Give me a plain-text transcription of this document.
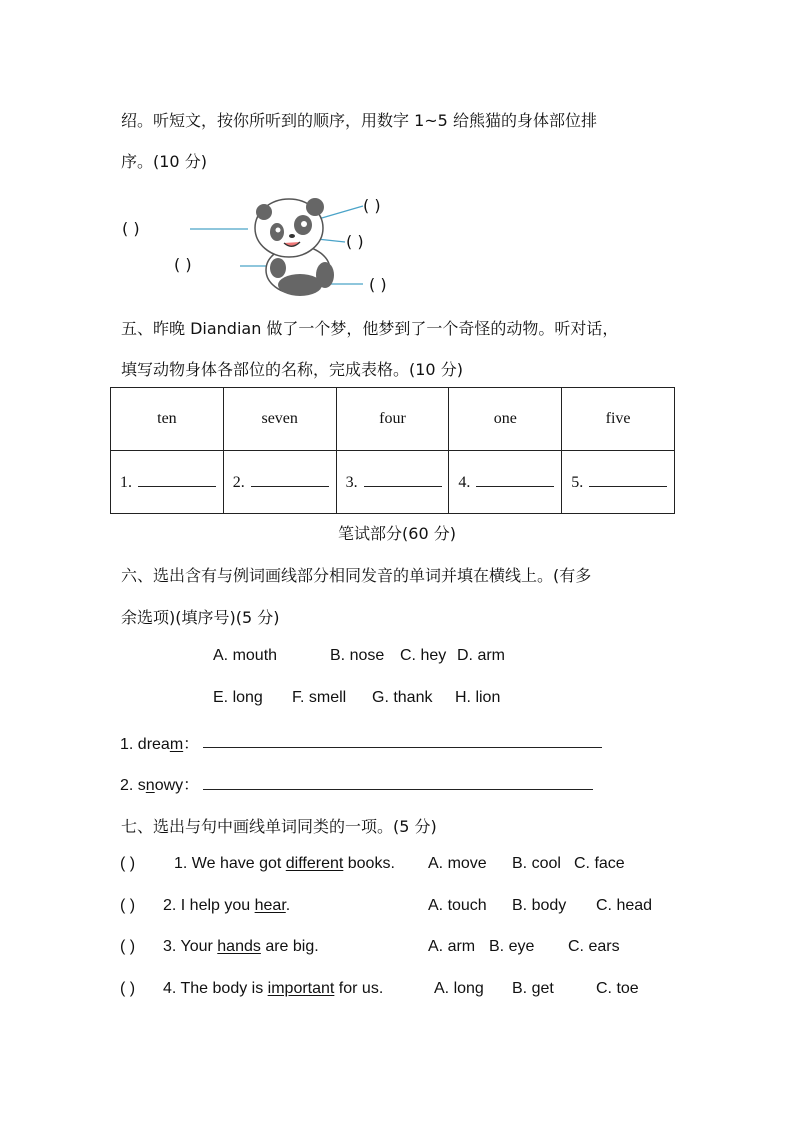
绍。听短文，按你所听到的顺序，用数字 1~5 给熊猫的身体部位排
序。(10 分)
( )
( )
( )
( )
( )
五、昨晚 Diandian 做了一个梦，他梦到了一个奇怪的动物。听对话，
填写动物身体各部位的名称，完成表格。(10 分)
ten	seven	four	one	five
1.	2.	3.	4.	5.
笔试部分(60 分)
六、选出含有与例词画线部分相同发音的单词并填在横线上。(有多
余选项)(填序号)(5 分)
A. mouth	B. nose C. hey D. arm
E. long F. smell G. thank H. lion
1. dream：
2. snowy：
七、选出与句中画线单词同类的一项。(5 分)
( ) 1. We have got different books. A. move B. cool C. face
( ) 2. I help you hear.	A. touch B. body C. head
( ) 3. Your hands are big.	A. arm B. eye C. ears
( ) 4. The body is important for us.	A. long B. get	C. toe
